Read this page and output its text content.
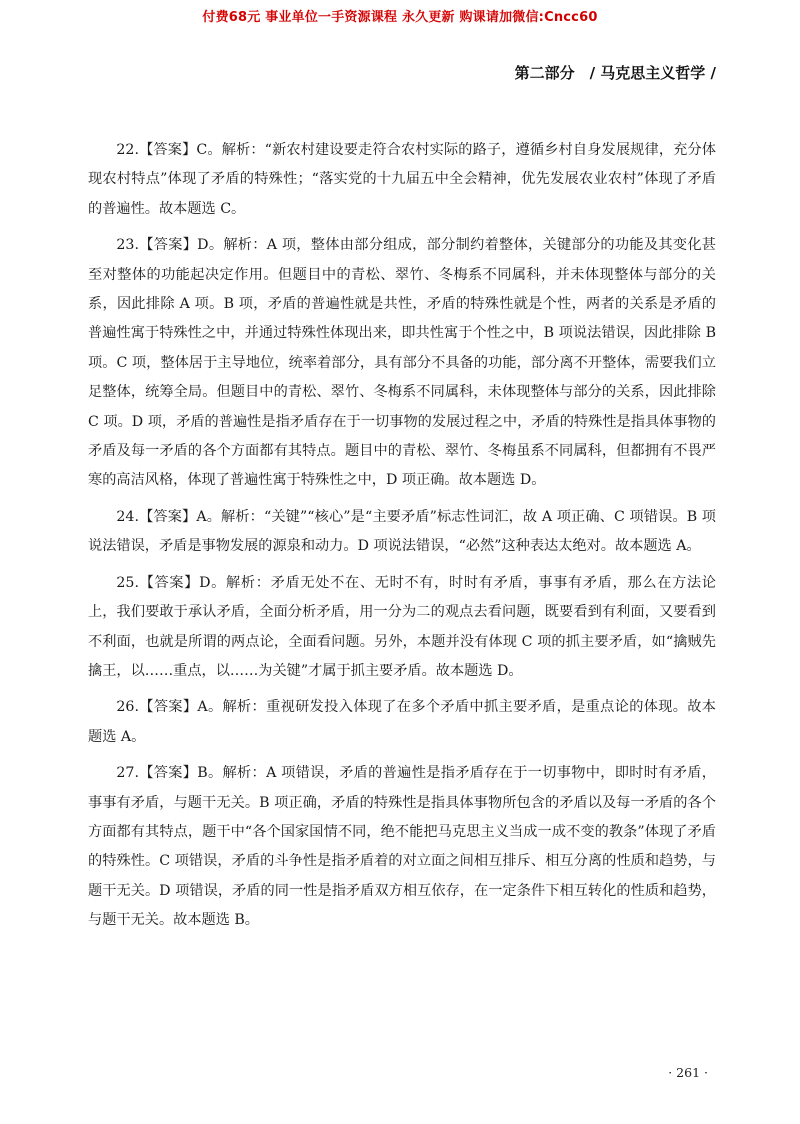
付费68元 事业单位一手资源课程 永久更新 购课请加微信:Cncc60
第二部分　/ 马克思主义哲学 /

22.【答案】C。解析：“新农村建设要走符合农村实际的路子，遵循乡村自身发展规律，充分体现农村特点”体现了矛盾的特殊性；“落实党的十九届五中全会精神，优先发展农业农村”体现了矛盾的普遍性。故本题选 C。

23.【答案】D。解析：A 项，整体由部分组成，部分制约着整体，关键部分的功能及其变化甚至对整体的功能起决定作用。但题目中的青松、翠竹、冬梅系不同属科，并未体现整体与部分的关系，因此排除 A 项。B 项，矛盾的普遍性就是共性，矛盾的特殊性就是个性，两者的关系是矛盾的普遍性寓于特殊性之中，并通过特殊性体现出来，即共性寓于个性之中，B 项说法错误，因此排除 B 项。C 项，整体居于主导地位，统率着部分，具有部分不具备的功能，部分离不开整体，需要我们立足整体，统筹全局。但题目中的青松、翠竹、冬梅系不同属科，未体现整体与部分的关系，因此排除 C 项。D 项，矛盾的普遍性是指矛盾存在于一切事物的发展过程之中，矛盾的特殊性是指具体事物的矛盾及每一矛盾的各个方面都有其特点。题目中的青松、翠竹、冬梅虽系不同属科，但都拥有不畏严寒的高洁风格，体现了普遍性寓于特殊性之中，D 项正确。故本题选 D。

24.【答案】A。解析：“关键”“核心”是“主要矛盾”标志性词汇，故 A 项正确、C 项错误。B 项说法错误，矛盾是事物发展的源泉和动力。D 项说法错误，“必然”这种表达太绝对。故本题选 A。

25.【答案】D。解析：矛盾无处不在、无时不有，时时有矛盾，事事有矛盾，那么在方法论上，我们要敢于承认矛盾，全面分析矛盾，用一分为二的观点去看问题，既要看到有利面，又要看到不利面，也就是所谓的两点论，全面看问题。另外，本题并没有体现 C 项的抓主要矛盾，如“擒贼先擒王，以……重点，以……为关键”才属于抓主要矛盾。故本题选 D。

26.【答案】A。解析：重视研发投入体现了在多个矛盾中抓主要矛盾，是重点论的体现。故本题选 A。

27.【答案】B。解析：A 项错误，矛盾的普遍性是指矛盾存在于一切事物中，即时时有矛盾，事事有矛盾，与题干无关。B 项正确，矛盾的特殊性是指具体事物所包含的矛盾以及每一矛盾的各个方面都有其特点，题干中“各个国家国情不同，绝不能把马克思主义当成一成不变的教条”体现了矛盾的特殊性。C 项错误，矛盾的斗争性是指矛盾着的对立面之间相互排斥、相互分离的性质和趋势，与题干无关。D 项错误，矛盾的同一性是指矛盾双方相互依存，在一定条件下相互转化的性质和趋势，与题干无关。故本题选 B。

· 261 ·
